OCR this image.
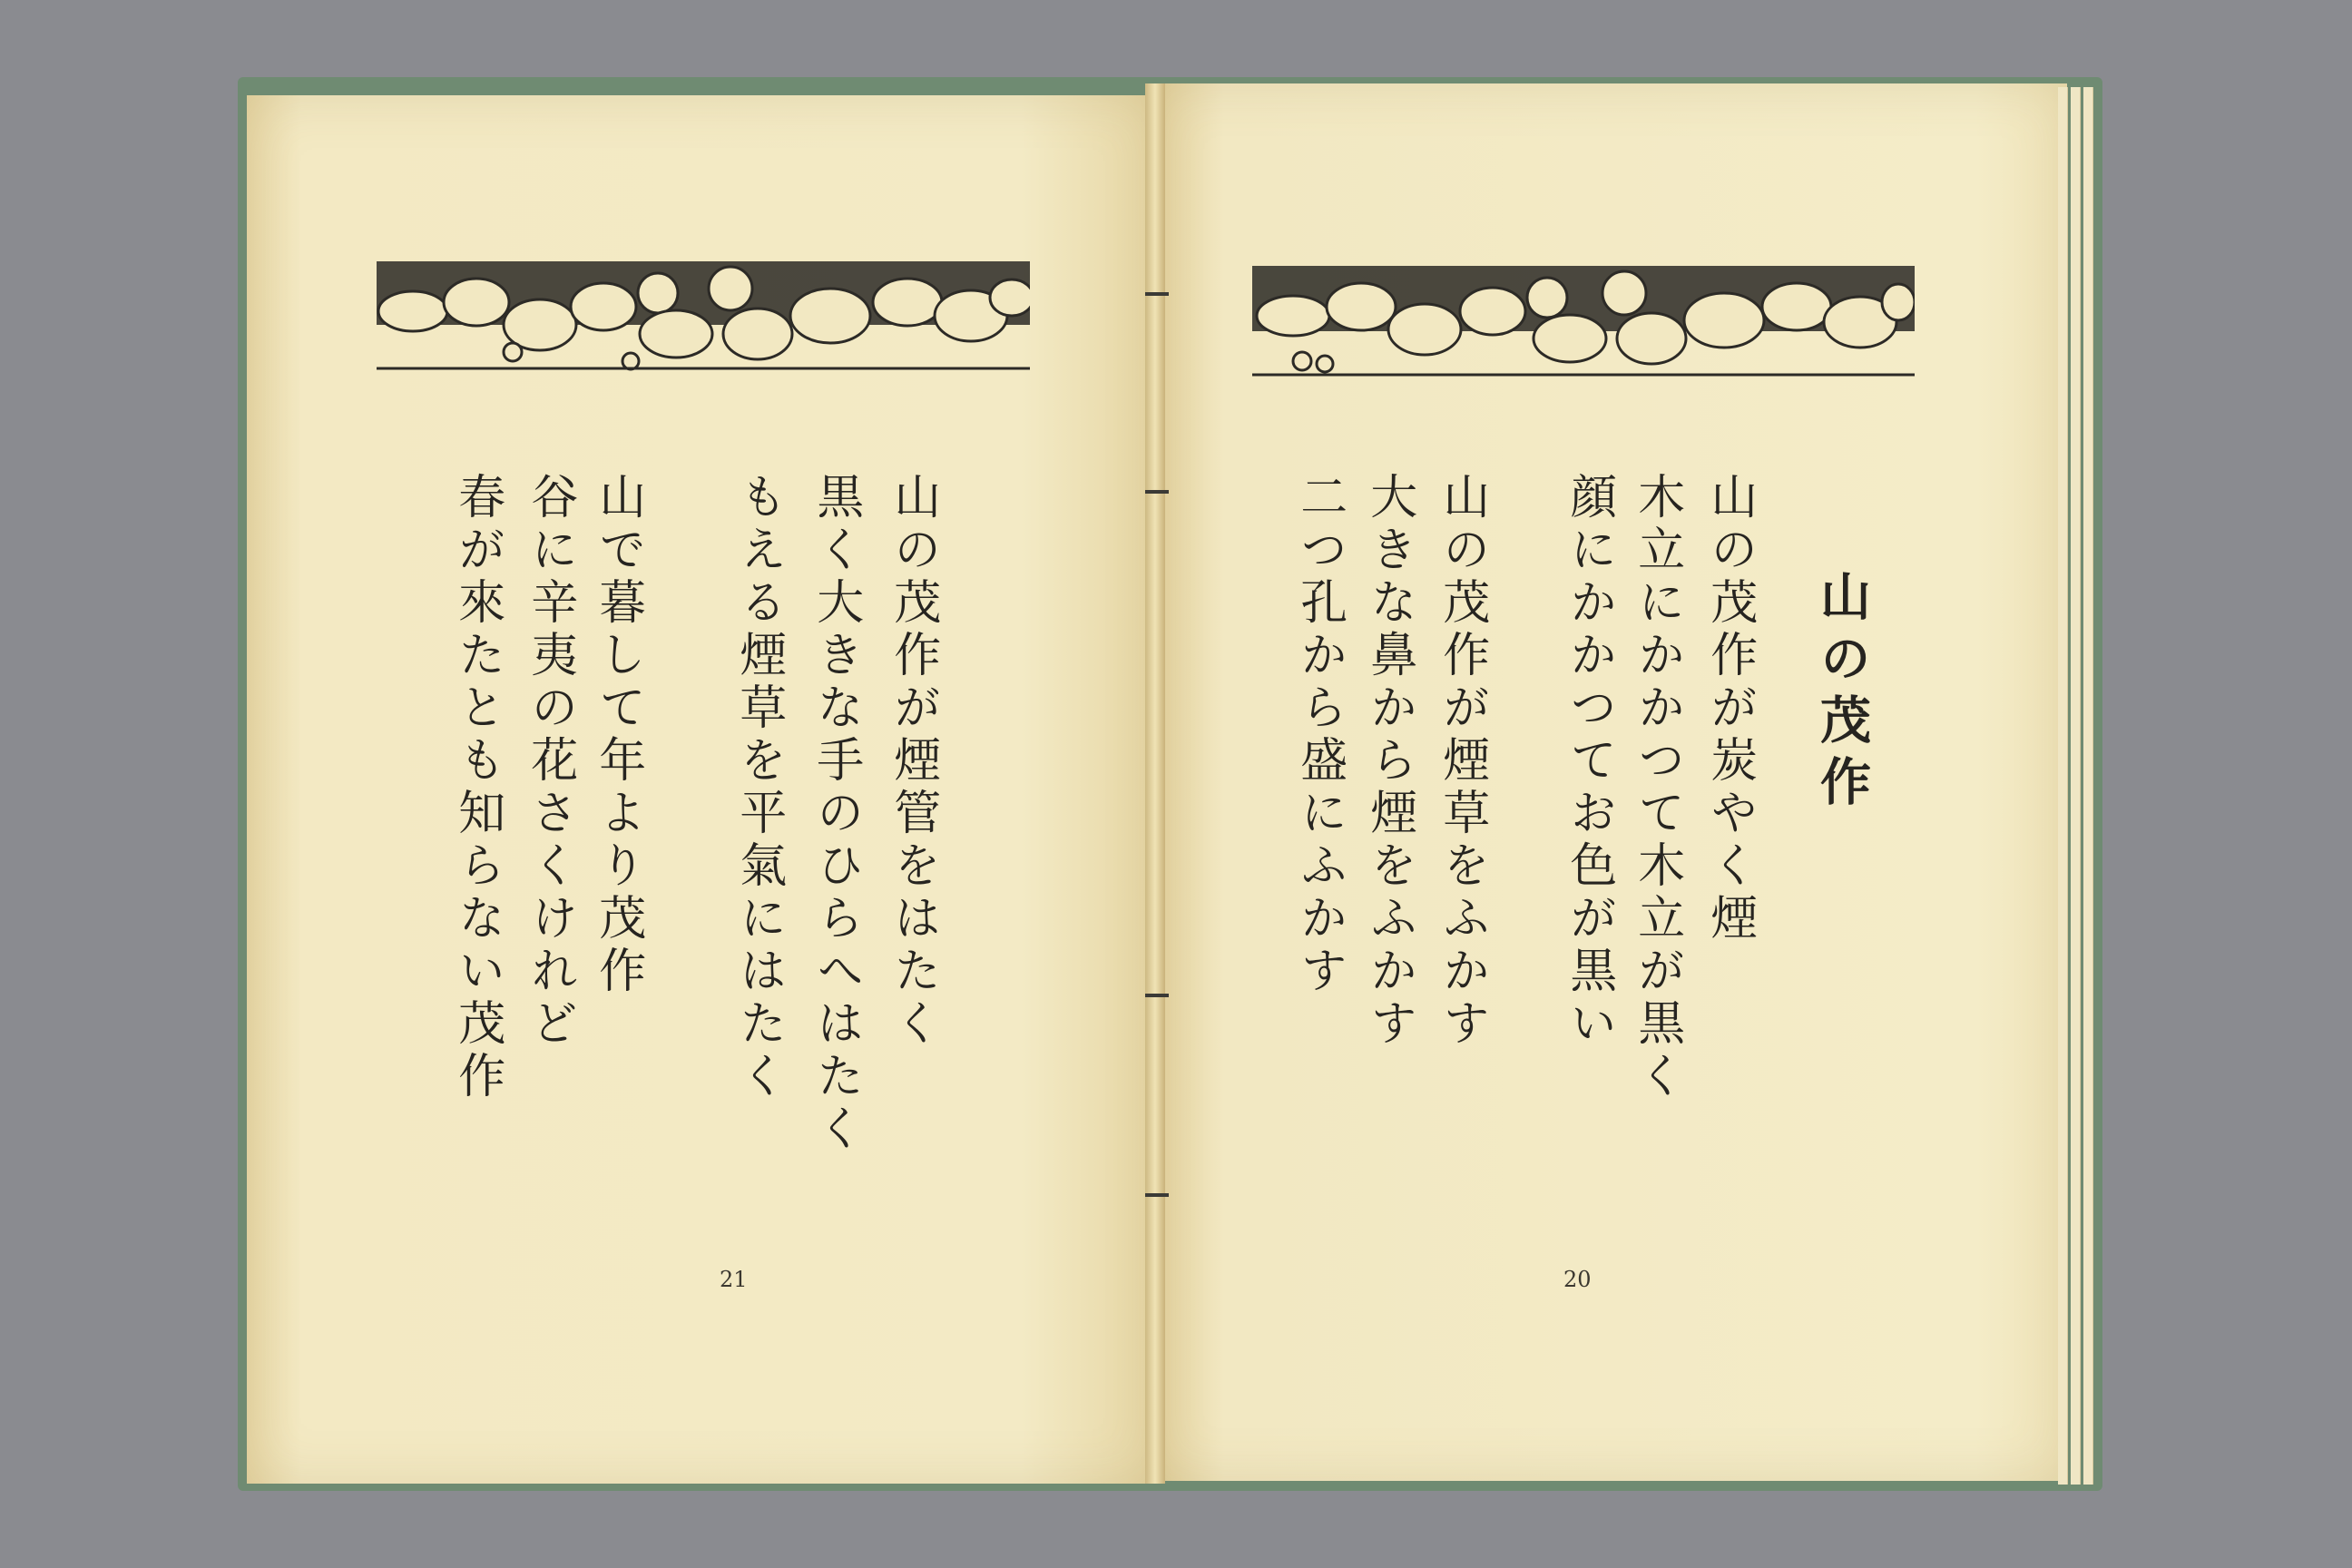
山の茂作が煙管をはたく
黒く大きな手のひらへはたく
もえる煙草を平氣にはたく
山で暮して年より茂作
谷に辛夷の花さくけれど
春が來たとも知らない茂作
21
山の茂作
山の茂作が炭やく煙
木立にかかつて木立が黒く
顔にかかつてお色が黒い
山の茂作が煙草をふかす
大きな鼻から煙をふかす
二つ孔から盛にふかす
20
